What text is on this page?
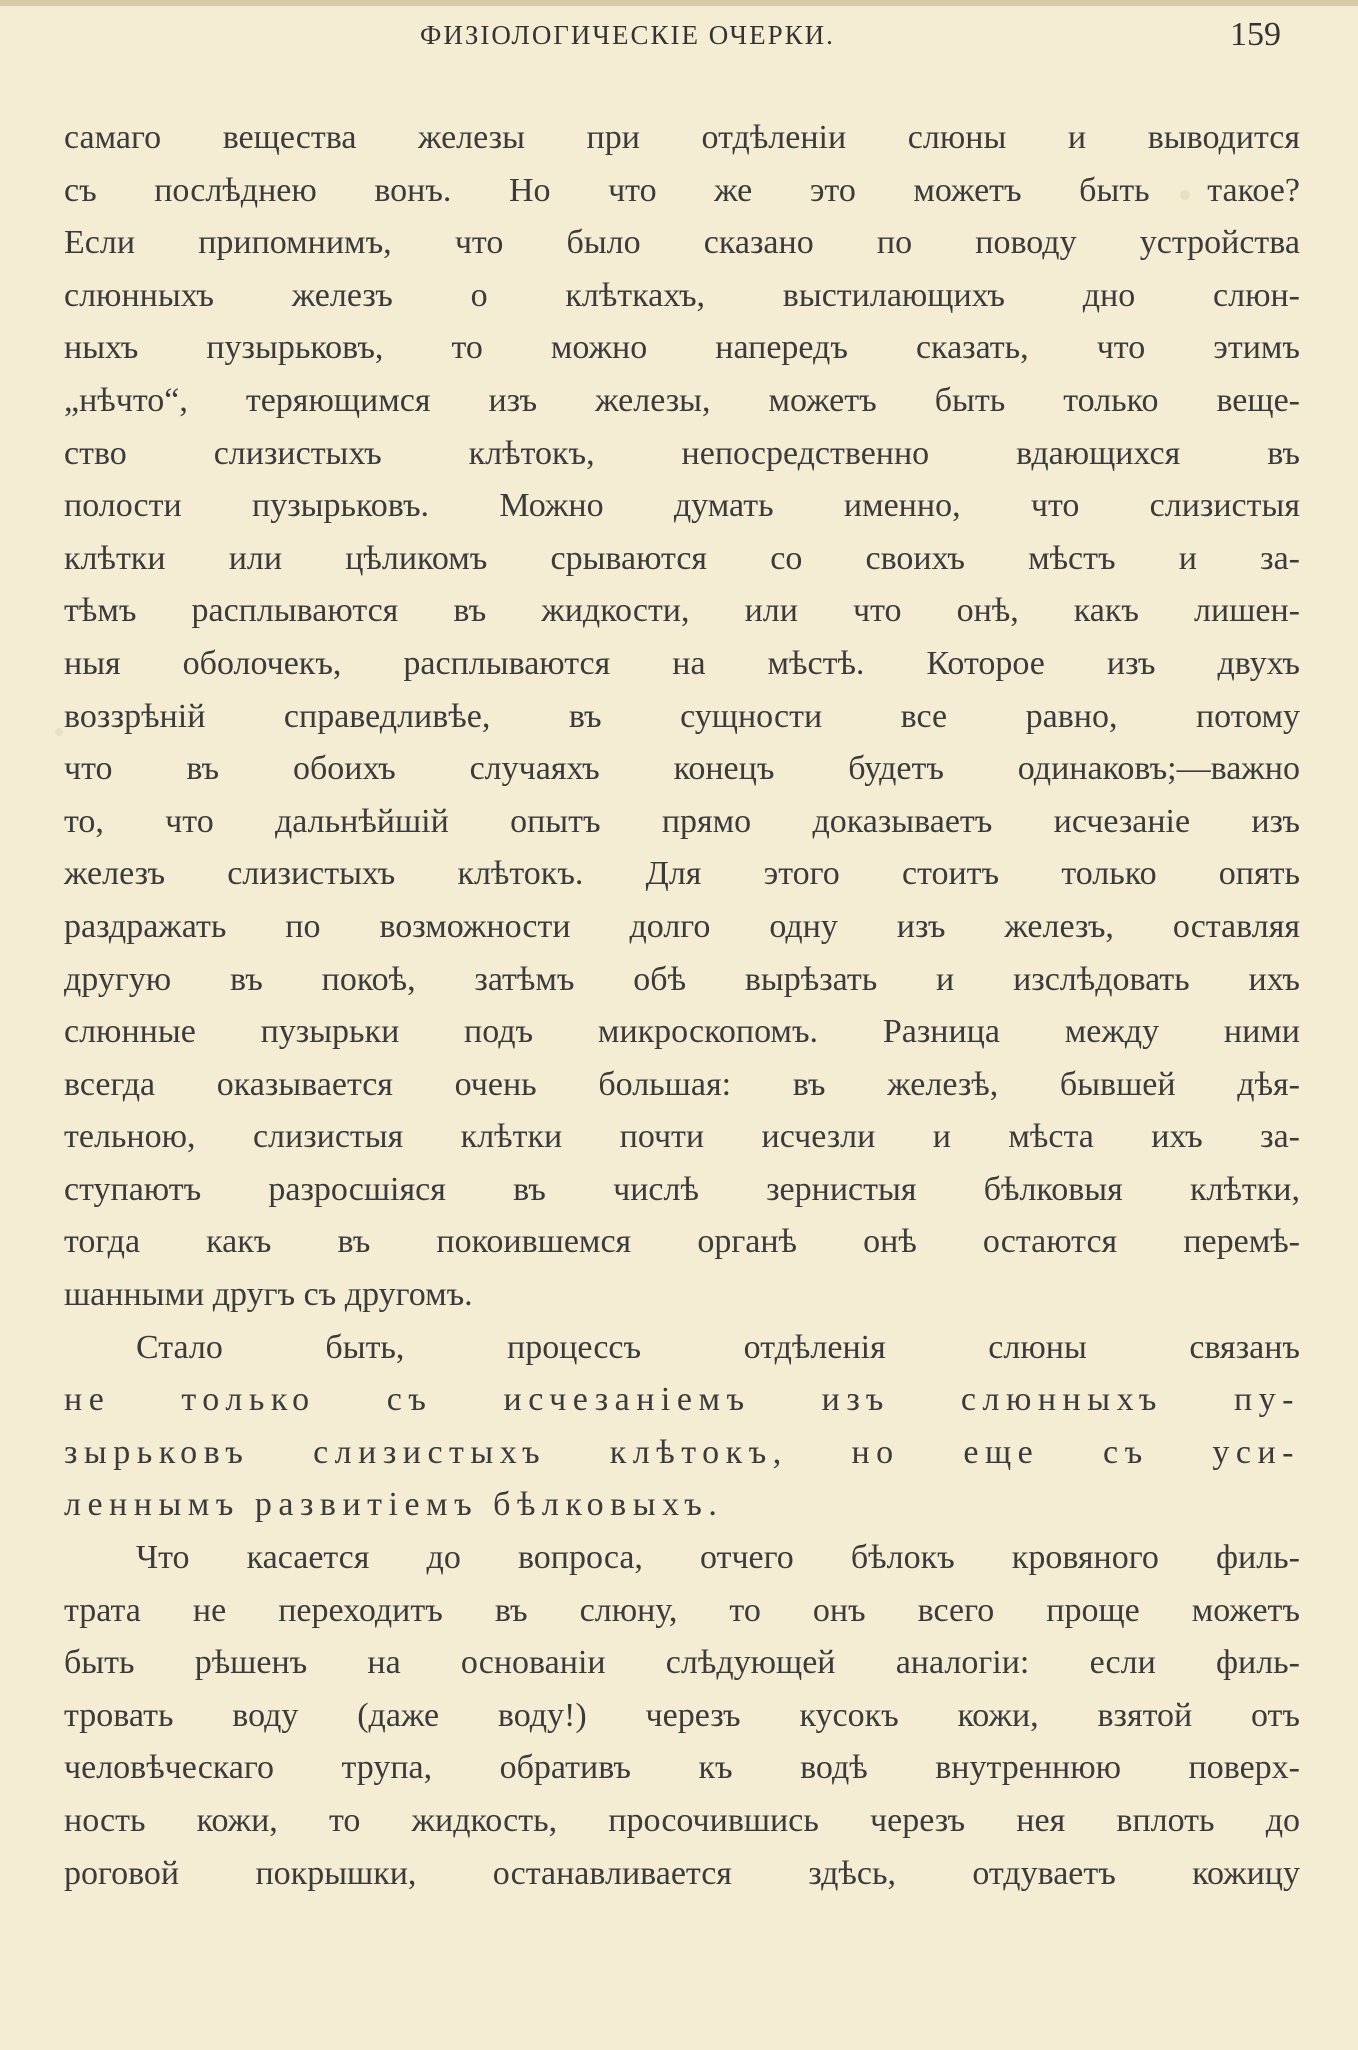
ФИЗIОЛОГИЧЕСКIЕ ОЧЕРКИ.	159
самаго вещества железы при отдѣленiи слюны и выводится
съ послѣднею вонъ. Но что же это можетъ быть такое?
Если припомнимъ, что было сказано по поводу устройства
слюнныхъ железъ о клѣткахъ, выстилающихъ дно слюн-
ныхъ пузырьковъ, то можно напередъ сказать, что этимъ
„нѣчто“, теряющимся изъ железы, можетъ быть только веще-
ство слизистыхъ клѣтокъ, непосредственно вдающихся въ
полости пузырьковъ. Можно думать именно, что слизистыя
клѣтки или цѣликомъ срываются со своихъ мѣстъ и за-
тѣмъ расплываются въ жидкости, или что онѣ, какъ лишен-
ныя оболочекъ, расплываются на мѣстѣ. Которое изъ двухъ
воззрѣнiй справедливѣе, въ сущности все равно, потому
что въ обоихъ случаяхъ конецъ будетъ одинаковъ;—важно
то, что дальнѣйшiй опытъ прямо доказываетъ исчезанiе изъ
железъ слизистыхъ клѣтокъ. Для этого стоитъ только опять
раздражать по возможности долго одну изъ железъ, оставляя
другую въ покоѣ, затѣмъ обѣ вырѣзать и изслѣдовать ихъ
слюнные пузырьки подъ микроскопомъ. Разница между ними
всегда оказывается очень большая: въ железѣ, бывшей дѣя-
тельною, слизистыя клѣтки почти исчезли и мѣста ихъ за-
ступаютъ разросшiяся въ числѣ зернистыя бѣлковыя клѣтки,
тогда какъ въ покоившемся органѣ онѣ остаются перемѣ-
шанными другъ съ другомъ.
Стало быть, процессъ отдѣленiя слюны связанъ
не только съ исчезанiемъ изъ слюнныхъ пу-
зырьковъ слизистыхъ клѣтокъ, но еще съ уси-
леннымъ развитiемъ бѣлковыхъ.
Что касается до вопроса, отчего бѣлокъ кровяного филь-
трата не переходитъ въ слюну, то онъ всего проще можетъ
быть рѣшенъ на основанiи слѣдующей аналогiи: если филь-
тровать воду (даже воду!) черезъ кусокъ кожи, взятой отъ
человѣческаго трупа, обративъ къ водѣ внутреннюю поверх-
ность кожи, то жидкость, просочившись черезъ нея вплоть до
роговой покрышки, останавливается здѣсь, отдуваетъ кожицу
